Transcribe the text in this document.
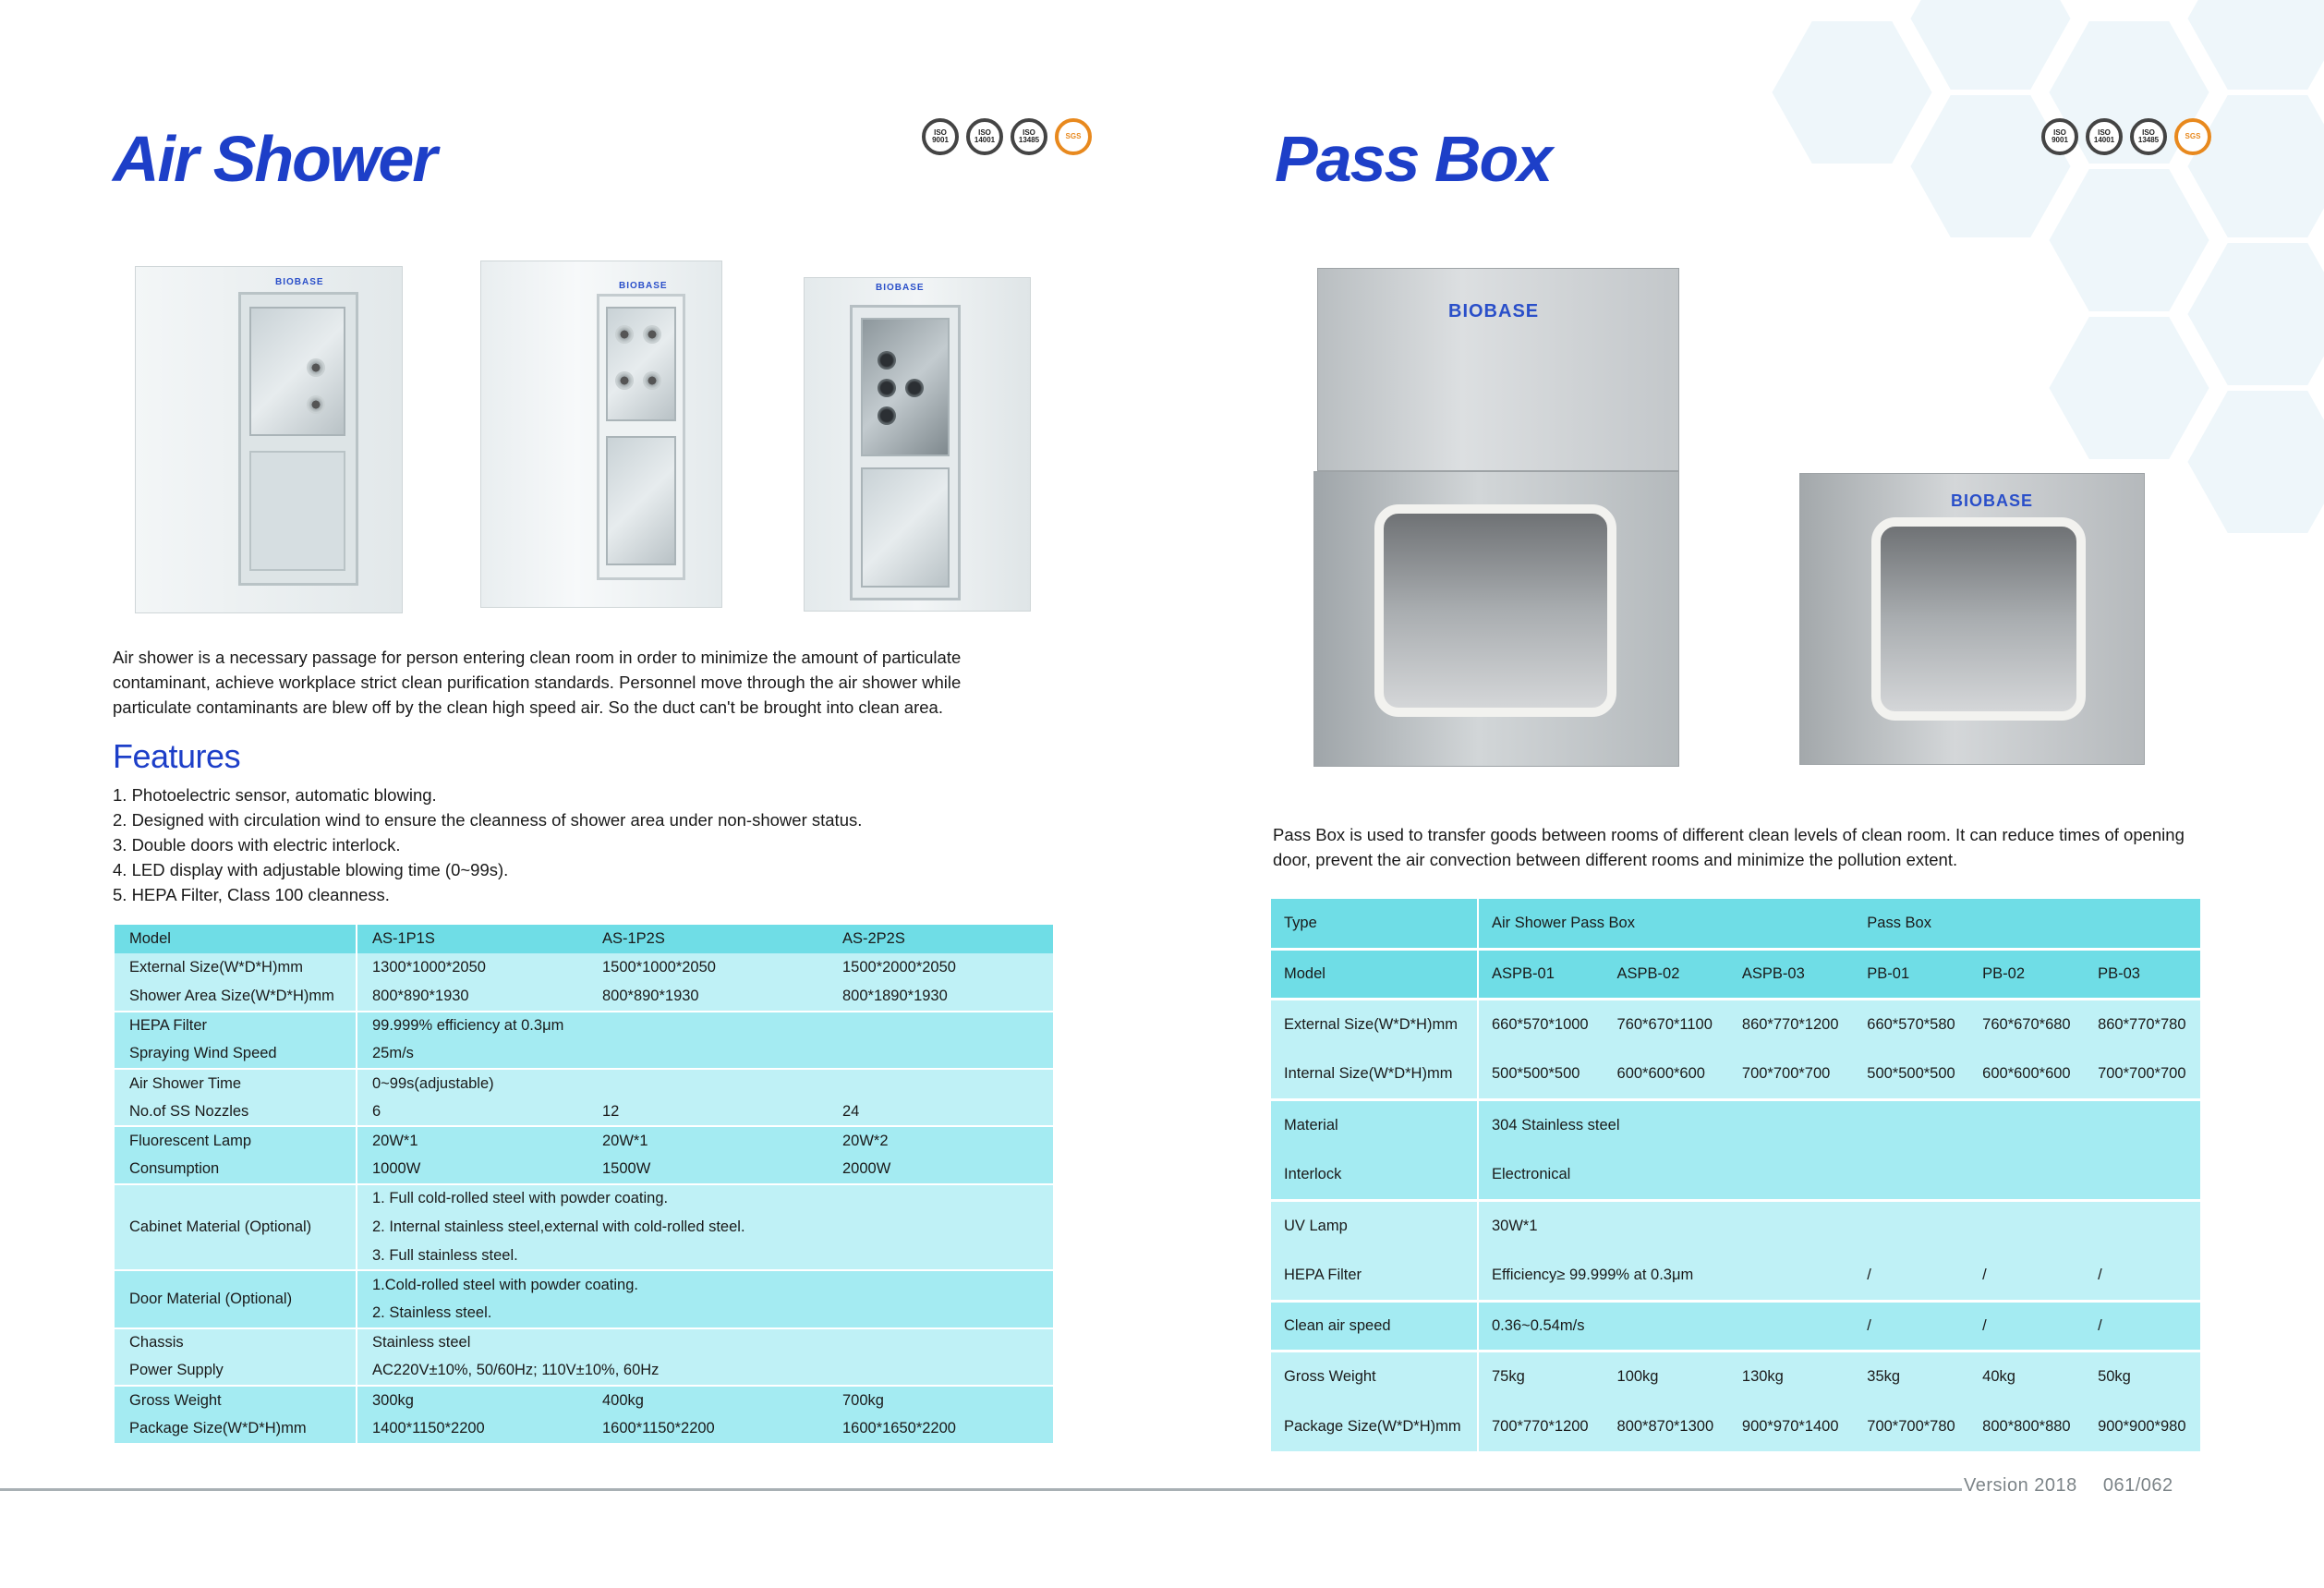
Air Shower	Pass Box
ISO 9001
ISO 14001
ISO 13485	SGS	ISO 9001
ISO 14001
ISO 13485	SGS
BIOBASE	BIOBASE	BIOBASE
BIOBASE
BIOBASE

Air shower is a necessary passage for person entering clean room in order to minimize the amount of particulate contaminant, achieve workplace strict clean purification standards. Personnel move through the air shower while particulate contaminants are blew off by the clean high speed air. So the duct can't be brought into clean area.

Features
1. Photoelectric sensor, automatic blowing.
2. Designed with circulation wind to ensure the cleanness of shower area under non-shower status.
3. Double doors with electric interlock.
4. LED display with adjustable blowing time (0~99s).
5. HEPA Filter, Class 100 cleanness.

Pass Box is used to transfer goods between rooms of different clean levels of clean room. It can reduce times of opening door, prevent the air convection between different rooms and minimize the pollution extent.

Model	AS-1P1S	AS-1P2S	AS-2P2S
External Size(W*D*H)mm	1300*1000*2050	1500*1000*2050	1500*2000*2050
Shower Area Size(W*D*H)mm	800*890*1930	800*890*1930	800*1890*1930
HEPA Filter	99.999% efficiency at 0.3μm		
Spraying Wind Speed	25m/s		
Air Shower Time	0~99s(adjustable)		
No.of SS Nozzles	6	12	24
Fluorescent Lamp	20W*1	20W*1	20W*2
Consumption	1000W	1500W	2000W
Cabinet Material (Optional)	1. Full cold-rolled steel with powder coating.		
	2. Internal stainless steel,external with cold-rolled steel.		
	3. Full stainless steel.		
Door Material (Optional)	1.Cold-rolled steel with powder coating.		
	2. Stainless steel.		
Chassis	Stainless steel		
Power Supply	AC220V±10%, 50/60Hz; 110V±10%, 60Hz		
Gross Weight	300kg	400kg	700kg
Package Size(W*D*H)mm	1400*1150*2200	1600*1150*2200	1600*1650*2200
Type	Air Shower Pass Box			Pass Box		
Model	ASPB-01	ASPB-02	ASPB-03	PB-01	PB-02	PB-03
External Size(W*D*H)mm	660*570*1000	760*670*1100	860*770*1200	660*570*580	760*670*680	860*770*780
Internal Size(W*D*H)mm	500*500*500	600*600*600	700*700*700	500*500*500	600*600*600	700*700*700
Material	304 Stainless steel					
Interlock	Electronical					
UV Lamp	30W*1					
HEPA Filter	Efficiency≥ 99.999% at 0.3μm			/	/	/
Clean air speed	0.36~0.54m/s			/	/	/
Gross Weight	75kg	100kg	130kg	35kg	40kg	50kg
Package Size(W*D*H)mm	700*770*1200	800*870*1300	900*970*1400	700*700*780	800*800*880	900*900*980
Version 2018 061/062
